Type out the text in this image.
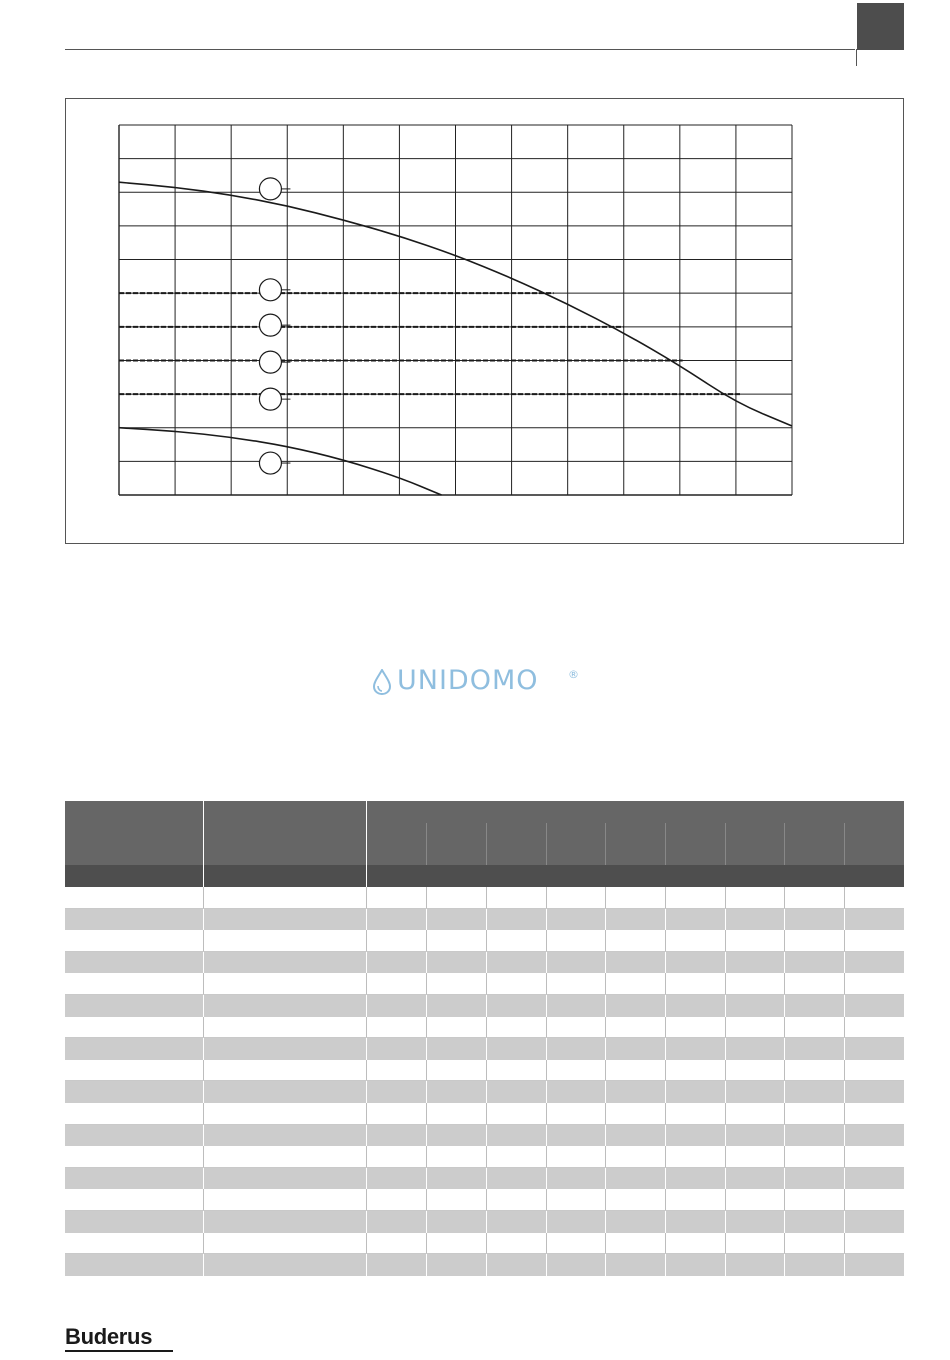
UNIDOMO	®
Buderus
